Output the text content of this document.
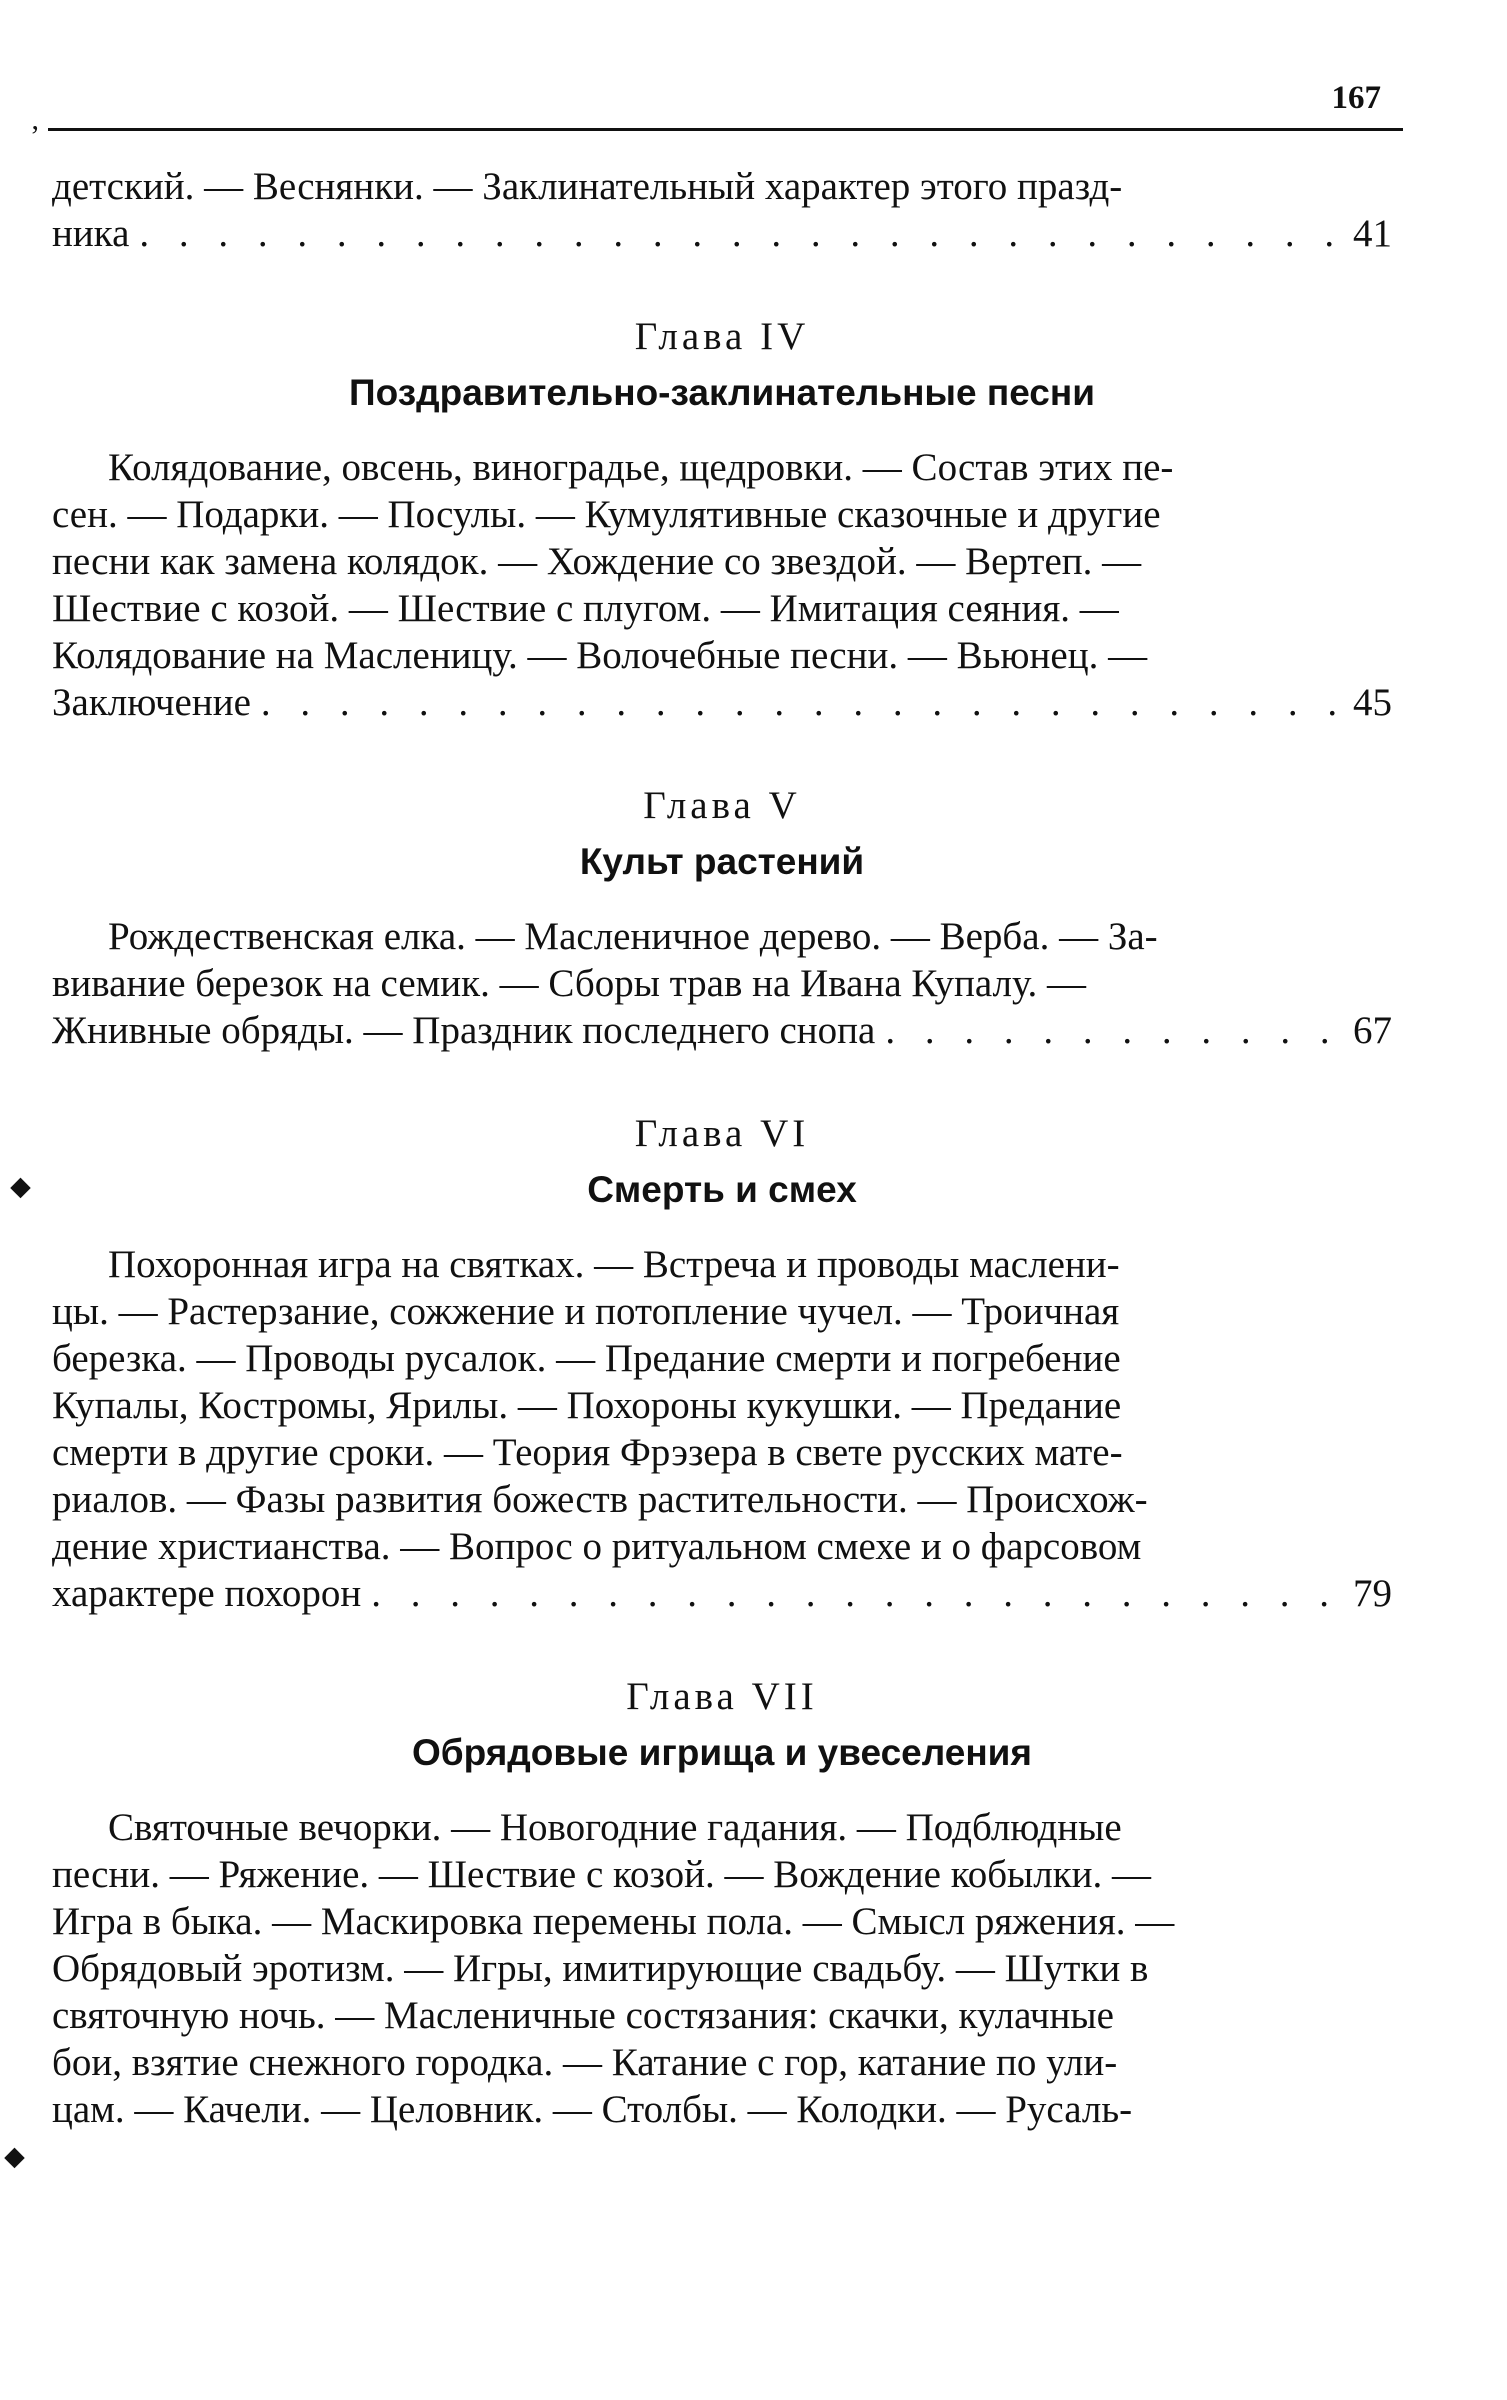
167
ʼ
⬥
⬥

детский. — Веснянки. — Заклинательный характер этого празд-

ника . . .	41
Глава IV
Поздравительно-заклинательные песни

Колядование, овсень, виноградье, щедровки. — Состав этих пе-

сен. — Подарки. — Посулы. — Кумулятивные сказочные и другие

песни как замена колядок. — Хождение со звездой. — Вертеп. —

Шествие с козой. — Шествие с плугом. — Имитация сеяния. —

Колядование на Масленицу. — Волочебные песни. — Вьюнец. —

Заключение . . .	45
Глава V
Культ растений

Рождественская елка. — Масленичное дерево. — Верба. — За-

вивание березок на семик. — Сборы трав на Ивана Купалу. —

Жнивные обряды. — Праздник последнего снопа . . .	67
Глава VI
Смерть и смех

Похоронная игра на святках. — Встреча и проводы маслени-

цы. — Растерзание, сожжение и потопление чучел. — Троичная

березка. — Проводы русалок. — Предание смерти и погребение

Купалы, Костромы, Ярилы. — Похороны кукушки. — Предание

смерти в другие сроки. — Теория Фрэзера в свете русских мате-

риалов. — Фазы развития божеств растительности. — Происхож-

дение христианства. — Вопрос о ритуальном смехе и о фарсовом

характере похорон . . .	79
Глава VII
Обрядовые игрища и увеселения

Святочные вечорки. — Новогодние гадания. — Подблюдные

песни. — Ряжение. — Шествие с козой. — Вождение кобылки. —

Игра в быка. — Маскировка перемены пола. — Смысл ряжения. —

Обрядовый эротизм. — Игры, имитирующие свадьбу. — Шутки в

святочную ночь. — Масленичные состязания: скачки, кулачные

бои, взятие снежного городка. — Катание с гор, катание по ули-

цам. — Качели. — Целовник. — Столбы. — Колодки. — Русаль-
